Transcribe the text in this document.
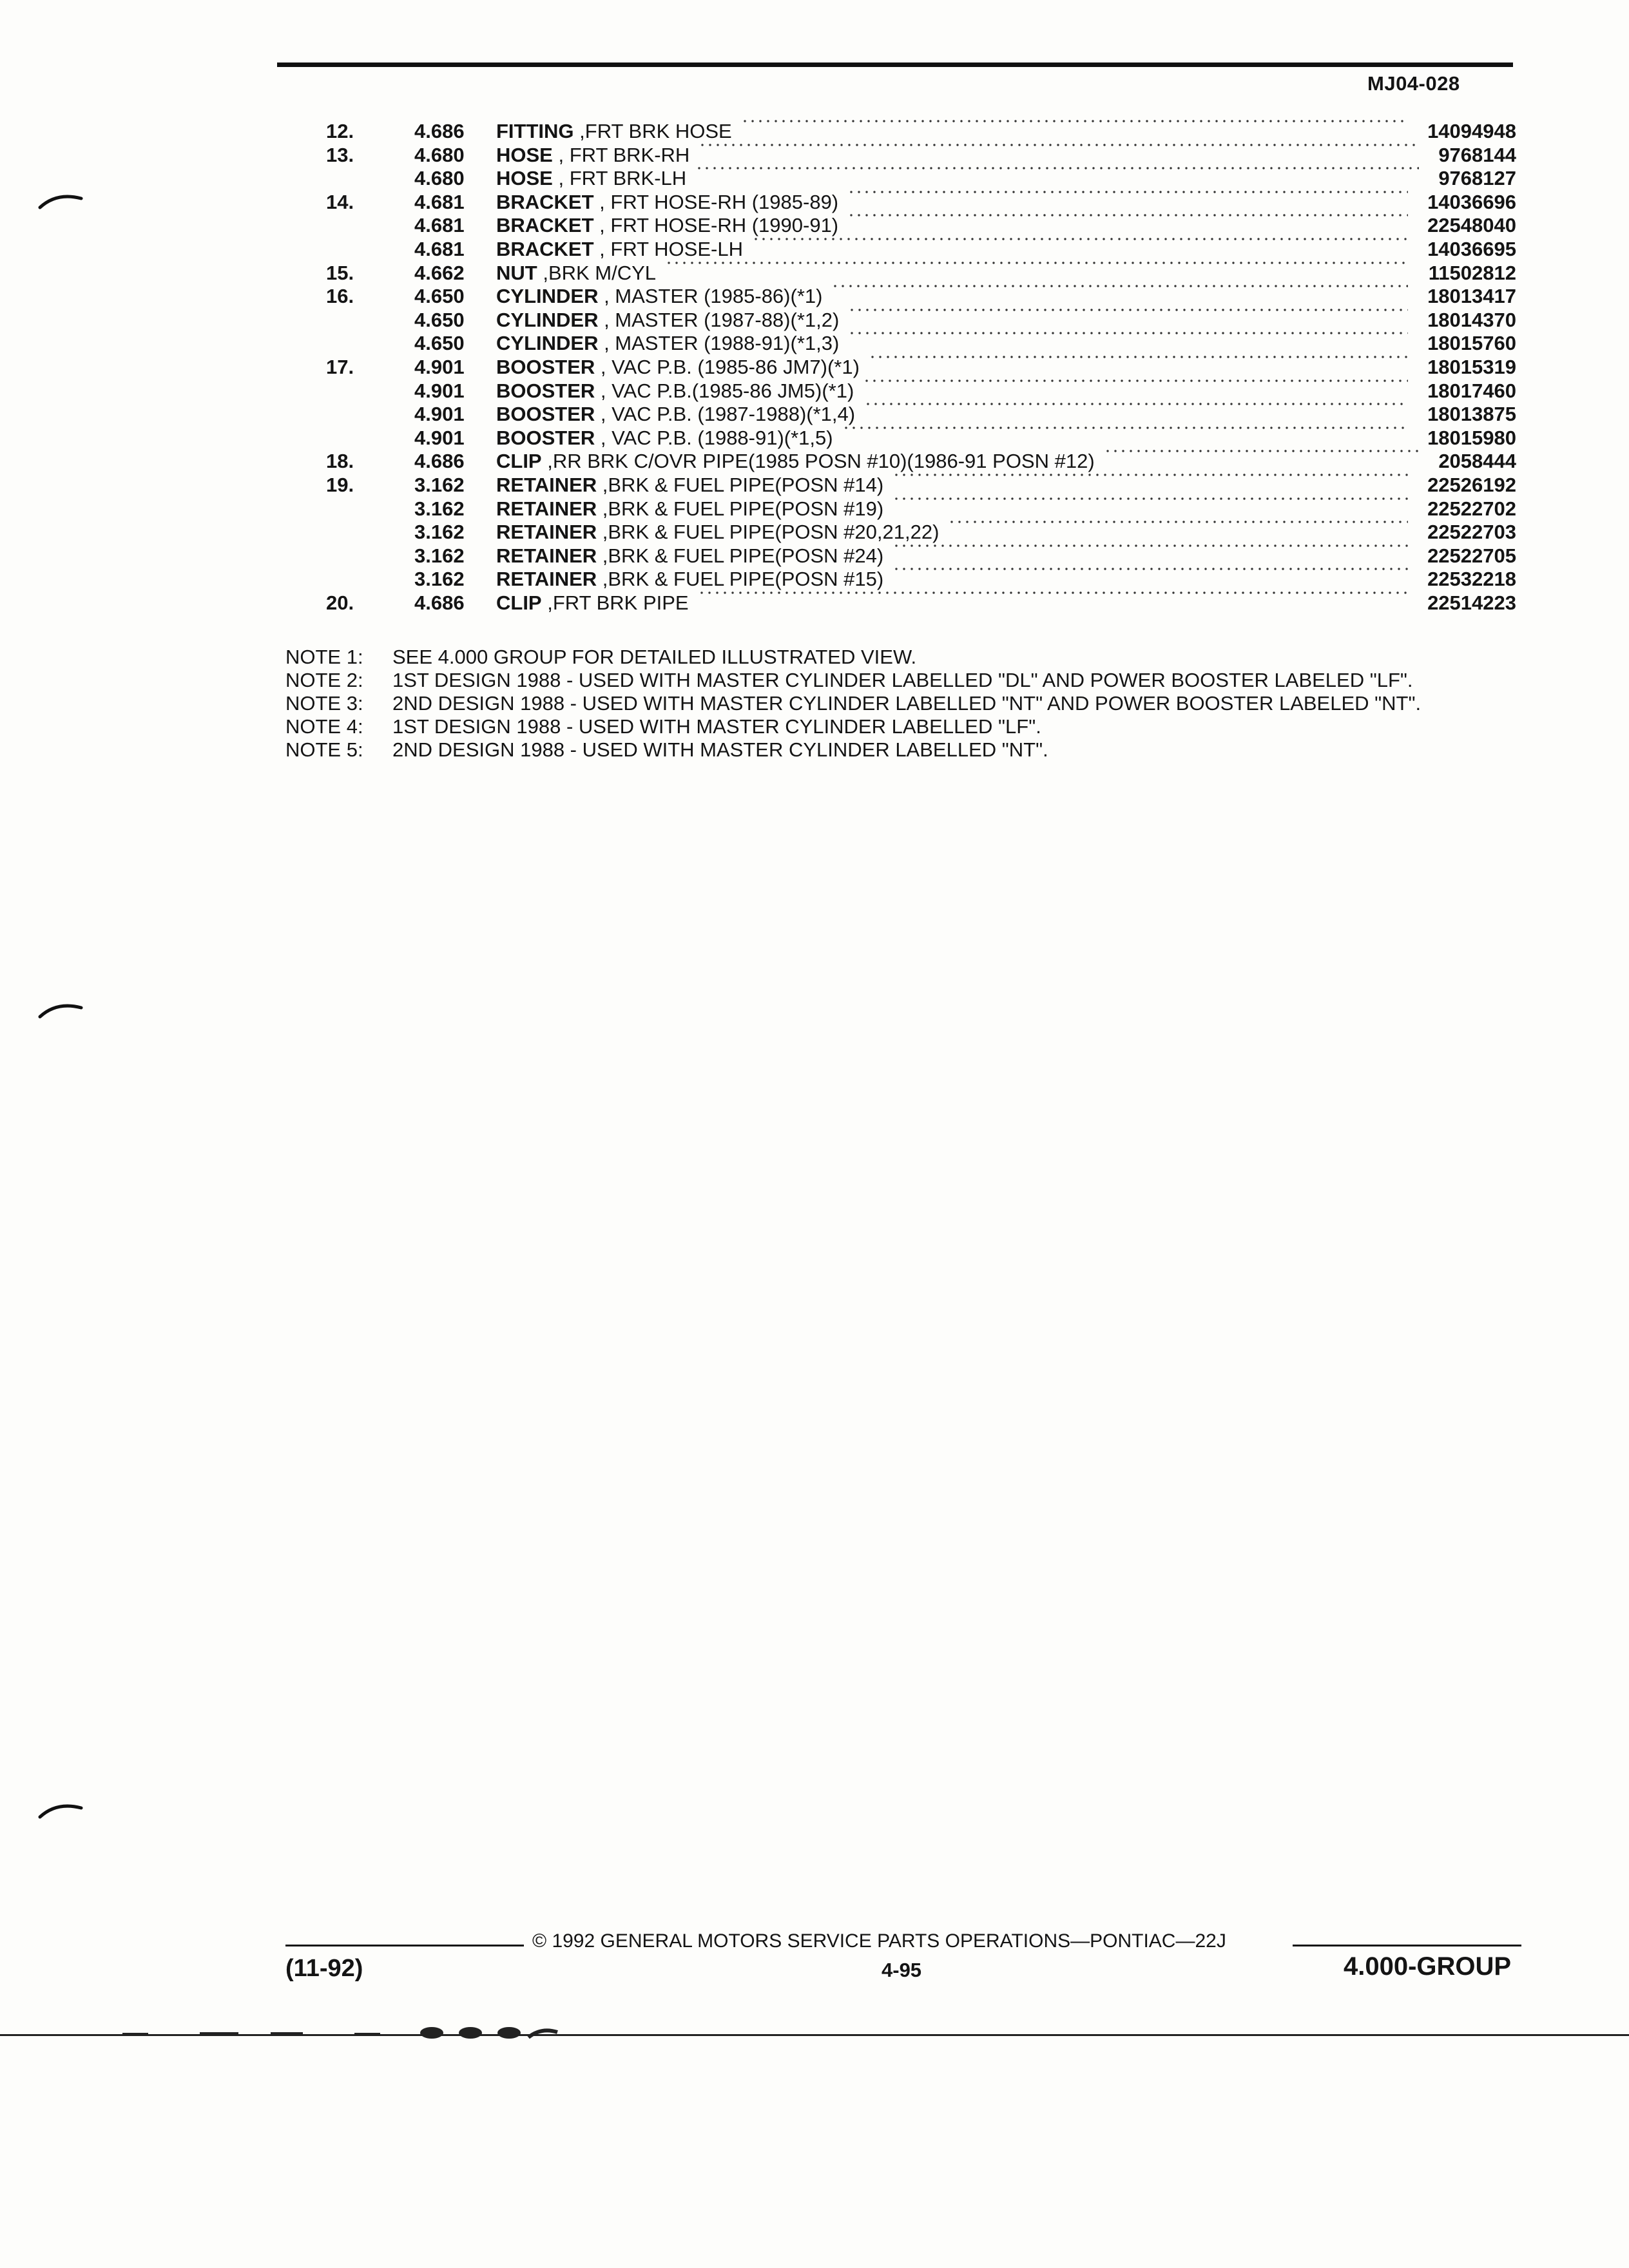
MJ04-028
12.	4.686 FITTING ,FRT BRK HOSE	14094948
13.	4.680 HOSE , FRT BRK-RH	9768144
4.680 HOSE , FRT BRK-LH	9768127
14.	4.681 BRACKET , FRT HOSE-RH (1985-89)	14036696
4.681 BRACKET , FRT HOSE-RH (1990-91)	22548040
4.681 BRACKET , FRT HOSE-LH	14036695
15.	4.662 NUT ,BRK M/CYL	11502812
16.	4.650 CYLINDER , MASTER (1985-86)(*1)	18013417
4.650 CYLINDER , MASTER (1987-88)(*1,2)	18014370
4.650 CYLINDER , MASTER (1988-91)(*1,3)	18015760
17.	4.901 BOOSTER , VAC P.B. (1985-86 JM7)(*1)	18015319
4.901 BOOSTER , VAC P.B.(1985-86 JM5)(*1)	18017460
4.901 BOOSTER , VAC P.B. (1987-1988)(*1,4)	18013875
4.901 BOOSTER , VAC P.B. (1988-91)(*1,5)	18015980
18.	4.686 CLIP ,RR BRK C/OVR PIPE(1985 POSN #10)(1986-91 POSN #12)	2058444
19.	3.162 RETAINER ,BRK & FUEL PIPE(POSN #14)	22526192
3.162 RETAINER ,BRK & FUEL PIPE(POSN #19)	22522702
3.162 RETAINER ,BRK & FUEL PIPE(POSN #20,21,22)	22522703
3.162 RETAINER ,BRK & FUEL PIPE(POSN #24)	22522705
3.162 RETAINER ,BRK & FUEL PIPE(POSN #15)	22532218
20.	4.686 CLIP ,FRT BRK PIPE	22514223
NOTE 1: SEE 4.000 GROUP FOR DETAILED ILLUSTRATED VIEW.
NOTE 2: 1ST DESIGN 1988 - USED WITH MASTER CYLINDER LABELLED "DL" AND POWER BOOSTER LABELED "LF".
NOTE 3: 2ND DESIGN 1988 - USED WITH MASTER CYLINDER LABELLED "NT" AND POWER BOOSTER LABELED "NT".
NOTE 4: 1ST DESIGN 1988 - USED WITH MASTER CYLINDER LABELLED "LF".
NOTE 5: 2ND DESIGN 1988 - USED WITH MASTER CYLINDER LABELLED "NT".
© 1992 GENERAL MOTORS SERVICE PARTS OPERATIONS—PONTIAC—22J
(11-92)	4-95	4.000-GROUP
